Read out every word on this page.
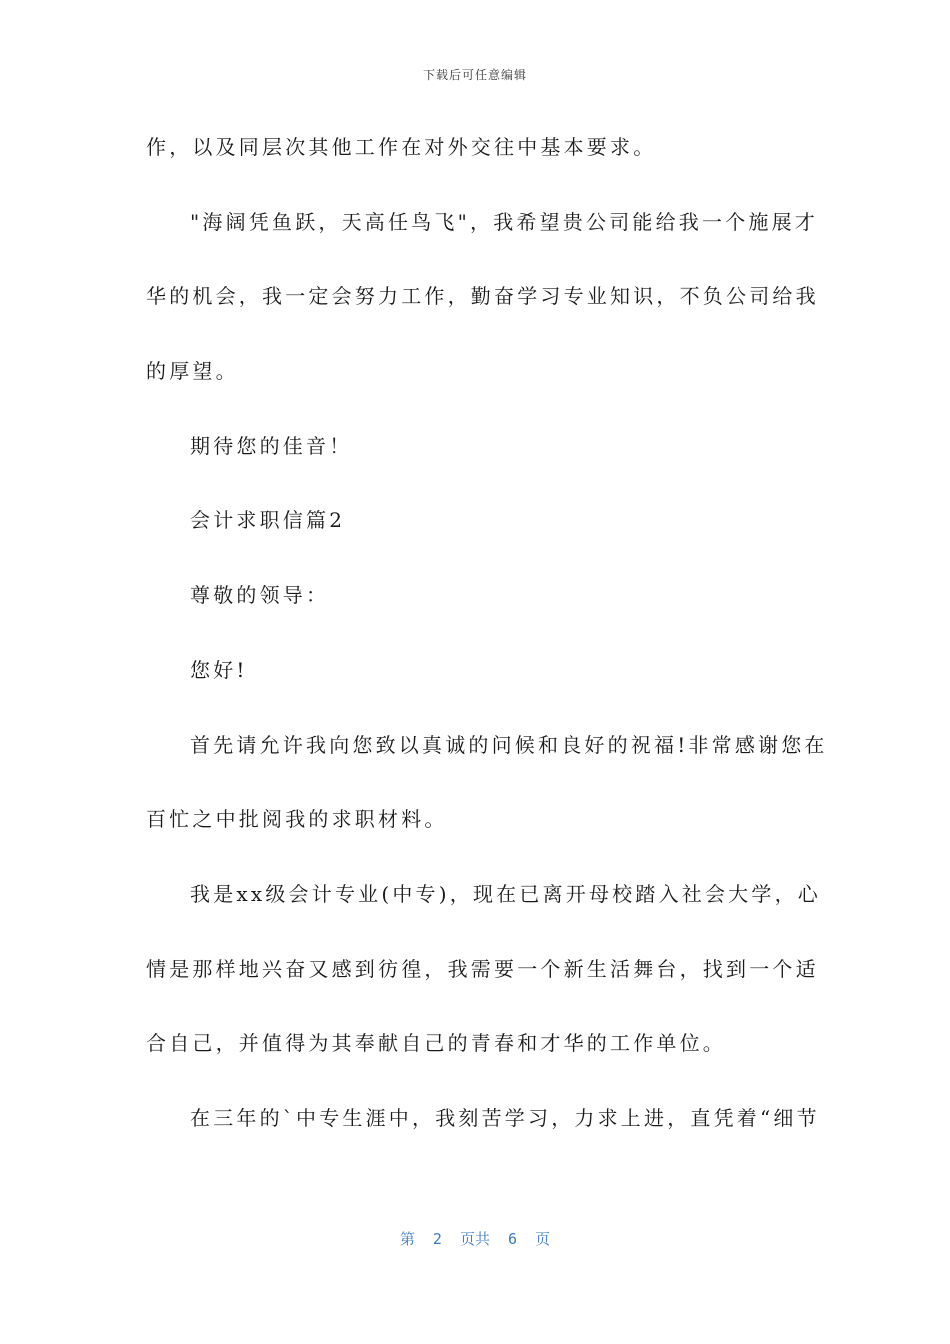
下载后可任意编辑
作，以及同层次其他工作在对外交往中基本要求。
"海阔凭鱼跃，天高任鸟飞"，我希望贵公司能给我一个施展才
华的机会，我一定会努力工作，勤奋学习专业知识，不负公司给我
的厚望。
期待您的佳音！
会计求职信篇2
尊敬的领导：
您好!
首先请允许我向您致以真诚的问候和良好的祝福!非常感谢您在
百忙之中批阅我的求职材料。
我是xx级会计专业(中专)，现在已离开母校踏入社会大学，心
情是那样地兴奋又感到彷徨，我需要一个新生活舞台，找到一个适
合自己，并值得为其奉献自己的青春和才华的工作单位。
在三年的`中专生涯中，我刻苦学习，力求上进，直凭着“细节
第  2  页共  6  页
